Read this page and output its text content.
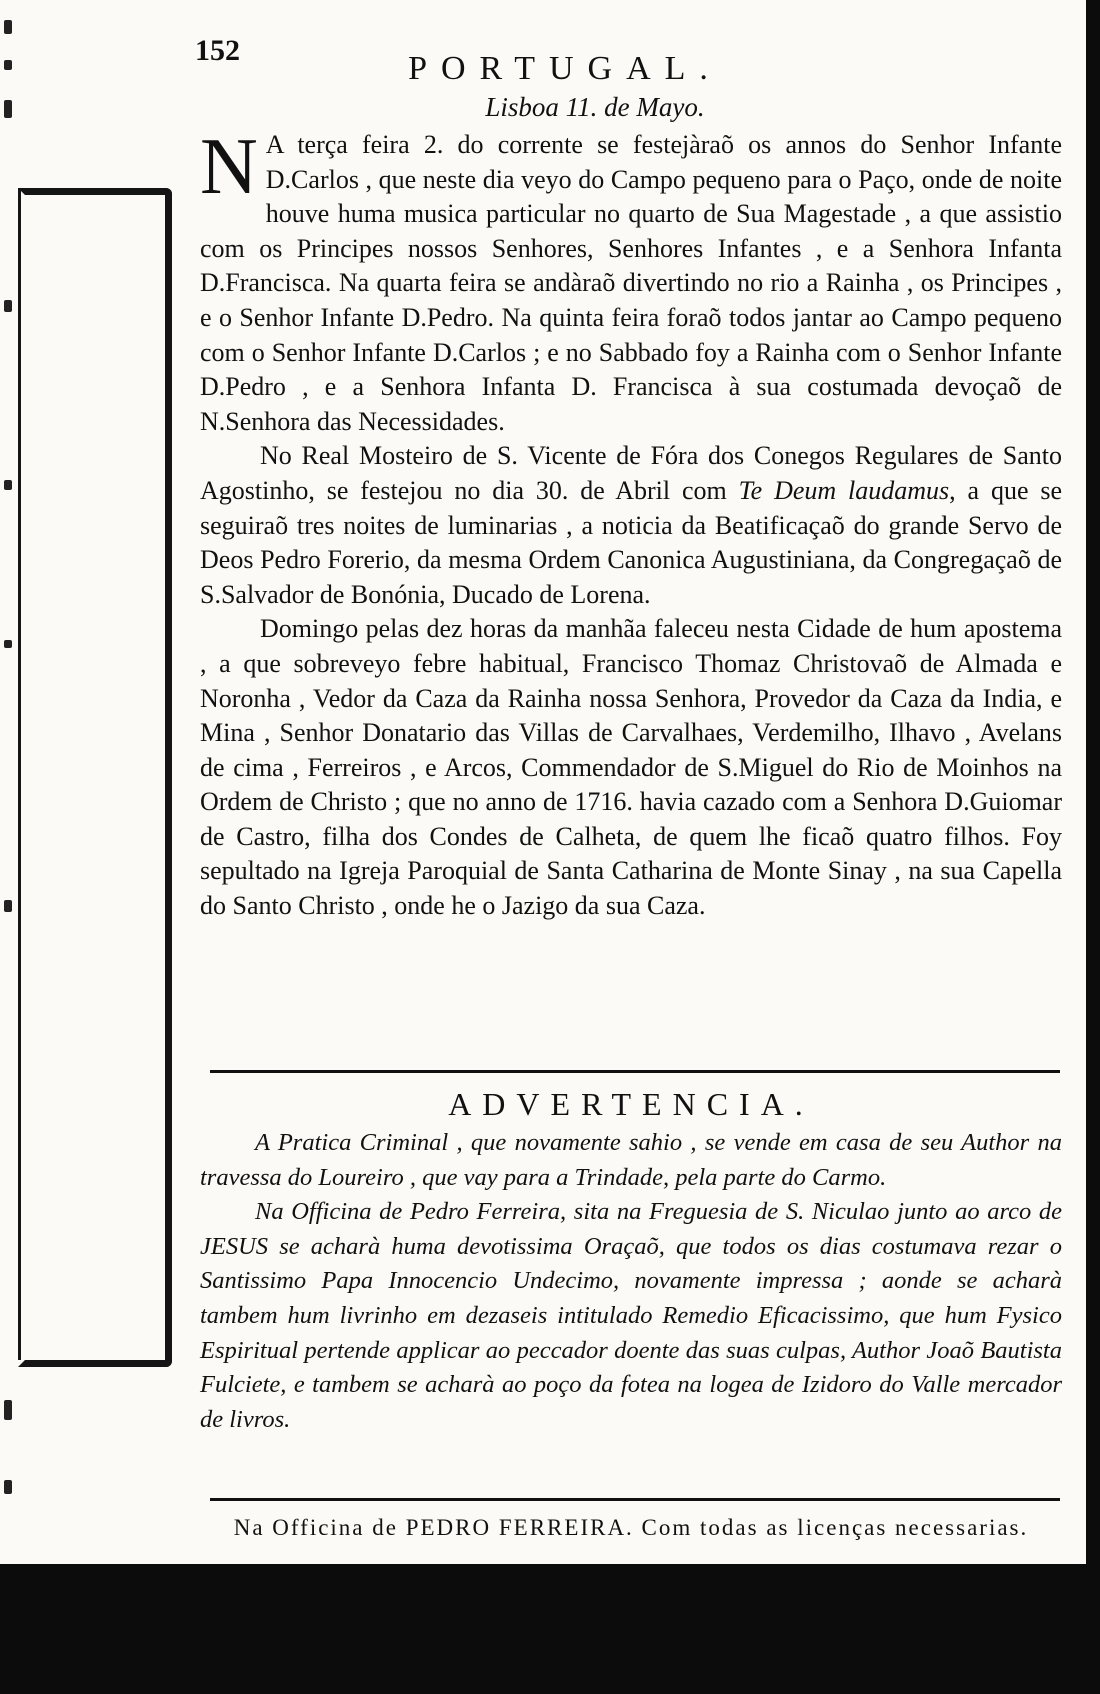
152	PORTUGAL.
Lisboa 11. de Mayo.

N A terça feira 2. do corrente se festejàraõ os annos do Senhor Infante D.Carlos , que neste dia veyo do Campo pequeno para o Paço, onde de noite houve huma musica particular no quarto de Sua Magestade , a que assistio com os Principes nossos Senhores, Senhores Infantes , e a Senhora Infanta D.Francisca. Na quarta feira se andàraõ divertindo no rio a Rainha , os Principes , e o Senhor Infante D.Pedro. Na quinta feira foraõ todos jantar ao Campo pequeno com o Senhor Infante D.Carlos ; e no Sabbado foy a Rainha com o Senhor Infante D.Pedro , e a Senhora Infanta D. Francisca à sua costumada devoçaõ de N.Senhora das Necessidades.

No Real Mosteiro de S. Vicente de Fóra dos Conegos Regulares de Santo Agostinho, se festejou no dia 30. de Abril com Te Deum laudamus, a que se seguiraõ tres noites de luminarias , a noticia da Beatificaçaõ do grande Servo de Deos Pedro Forerio, da mesma Ordem Canonica Augustiniana, da Congregaçaõ de S.Salvador de Bonónia, Ducado de Lorena.

Domingo pelas dez horas da manhãa faleceu nesta Cidade de hum apostema , a que sobreveyo febre habitual, Francisco Thomaz Christovaõ de Almada e Noronha , Vedor da Caza da Rainha nossa Senhora, Provedor da Caza da India, e Mina , Senhor Donatario das Villas de Carvalhaes, Verdemilho, Ilhavo , Avelans de cima , Ferreiros , e Arcos, Commendador de S.Miguel do Rio de Moinhos na Ordem de Christo ; que no anno de 1716. havia cazado com a Senhora D.Guiomar de Castro, filha dos Condes de Calheta, de quem lhe ficaõ quatro filhos. Foy sepultado na Igreja Paroquial de Santa Catharina de Monte Sinay , na sua Capella do Santo Christo , onde he o Jazigo da sua Caza.

ADVERTENCIA.

A Pratica Criminal , que novamente sahio , se vende em casa de seu Author na travessa do Loureiro , que vay para a Trindade, pela parte do Carmo.

Na Officina de Pedro Ferreira, sita na Freguesia de S. Niculao junto ao arco de JESUS se acharà huma devotissima Oraçaõ, que todos os dias costumava rezar o Santissimo Papa Innocencio Undecimo, novamente impressa ; aonde se acharà tambem hum livrinho em dezaseis intitulado Remedio Eficacissimo, que hum Fysico Espiritual pertende applicar ao peccador doente das suas culpas, Author Joaõ Bautista Fulciete, e tambem se acharà ao poço da fotea na logea de Izidoro do Valle mercador de livros.

Na Officina de PEDRO FERREIRA. Com todas as licenças necessarias.
